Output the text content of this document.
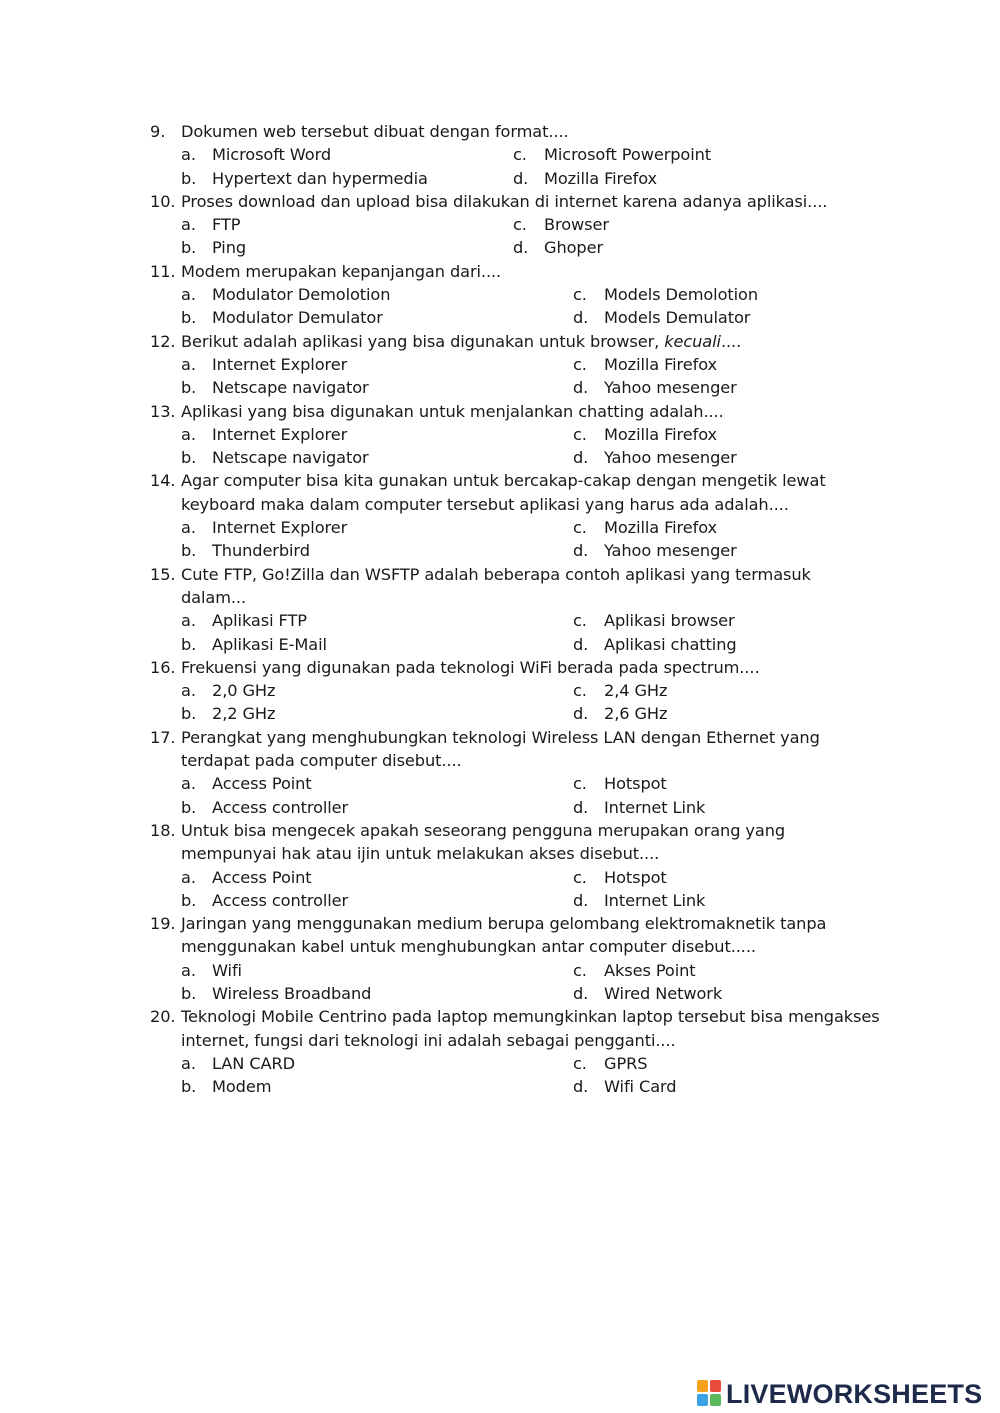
9. Dokumen web tersebut dibuat dengan format....
a. Microsoft Word	c.	Microsoft Powerpoint
b. Hypertext dan hypermedia	d. Mozilla Firefox
10. Proses download dan upload bisa dilakukan di internet karena adanya aplikasi....
a. FTP	c.	Browser
b. Ping	d. Ghoper
11. Modem merupakan kepanjangan dari....
a. Modulator Demolotion	c.	Models Demolotion
b. Modulator Demulator	d. Models Demulator
12. Berikut adalah aplikasi yang bisa digunakan untuk browser, kecuali....
a. Internet Explorer	c.	Mozilla Firefox
b. Netscape navigator	d. Yahoo mesenger
13. Aplikasi yang bisa digunakan untuk menjalankan chatting adalah....
a. Internet Explorer	c.	Mozilla Firefox
b. Netscape navigator	d. Yahoo mesenger
14. Agar computer bisa kita gunakan untuk bercakap-cakap dengan mengetik lewat keyboard maka dalam computer tersebut aplikasi yang harus ada adalah....
a. Internet Explorer	c.	Mozilla Firefox
b. Thunderbird	d. Yahoo mesenger
15. Cute FTP, Go!Zilla dan WSFTP adalah beberapa contoh aplikasi yang termasuk dalam...
a. Aplikasi FTP	c.	Aplikasi browser
b. Aplikasi E-Mail	d. Aplikasi chatting
16. Frekuensi yang digunakan pada teknologi WiFi berada pada spectrum....
a. 2,0 GHz	c.	2,4 GHz
b. 2,2 GHz	d. 2,6 GHz
17. Perangkat yang menghubungkan teknologi Wireless LAN dengan Ethernet yang terdapat pada computer disebut....
a. Access Point	c.	Hotspot
b. Access controller	d. Internet Link
18. Untuk bisa mengecek apakah seseorang pengguna merupakan orang yang mempunyai hak atau ijin untuk melakukan akses disebut....
a. Access Point	c.	Hotspot
b. Access controller	d. Internet Link
19. Jaringan yang menggunakan medium berupa gelombang elektromaknetik tanpa menggunakan kabel untuk menghubungkan antar computer disebut.....
a. Wifi	c.	Akses Point
b. Wireless Broadband	d. Wired Network
20. Teknologi Mobile Centrino pada laptop memungkinkan laptop tersebut bisa mengakses internet, fungsi dari teknologi ini adalah sebagai pengganti....
a. LAN CARD	c.	GPRS
b. Modem	d. Wifi Card
LIVEWORKSHEETS
